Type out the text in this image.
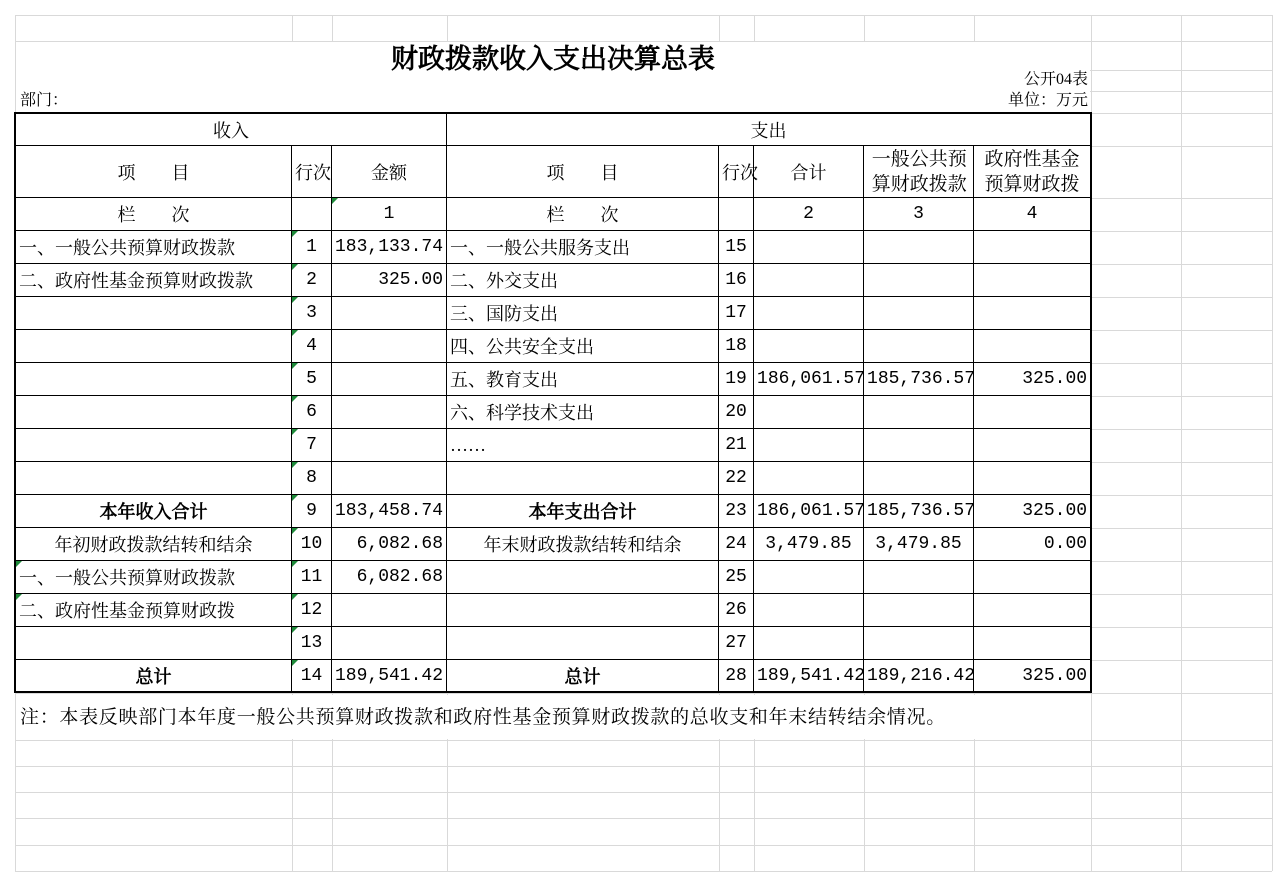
财政拨款收入支出决算总表
公开04表
部门：	单位：万元
收入			支出				
项　　目	行次	金额	项　　目	行次	合计	一般公共预算财政拨款	政府性基金预算财政拨
栏　　次		1	栏　　次		2	3	4
一、一般公共预算财政拨款	1	183,133.74	一、一般公共服务支出	15			
二、政府性基金预算财政拨款	2	325.00	二、外交支出	16			
	3		三、国防支出	17			
	4		四、公共安全支出	18			
	5		五、教育支出	19	186,061.57	185,736.57	325.00
	6		六、科学技术支出	20			
	7		……	21			
	8			22			
本年收入合计	9	183,458.74	本年支出合计	23	186,061.57	185,736.57	325.00
年初财政拨款结转和结余	10	6,082.68	年末财政拨款结转和结余	24	3,479.85	3,479.85	0.00
一、一般公共预算财政拨款	11	6,082.68		25			
二、政府性基金预算财政拨	12			26			
	13			27			
总计	14	189,541.42	总计	28	189,541.42	189,216.42	325.00
注：本表反映部门本年度一般公共预算财政拨款和政府性基金预算财政拨款的总收支和年末结转结余情况。
